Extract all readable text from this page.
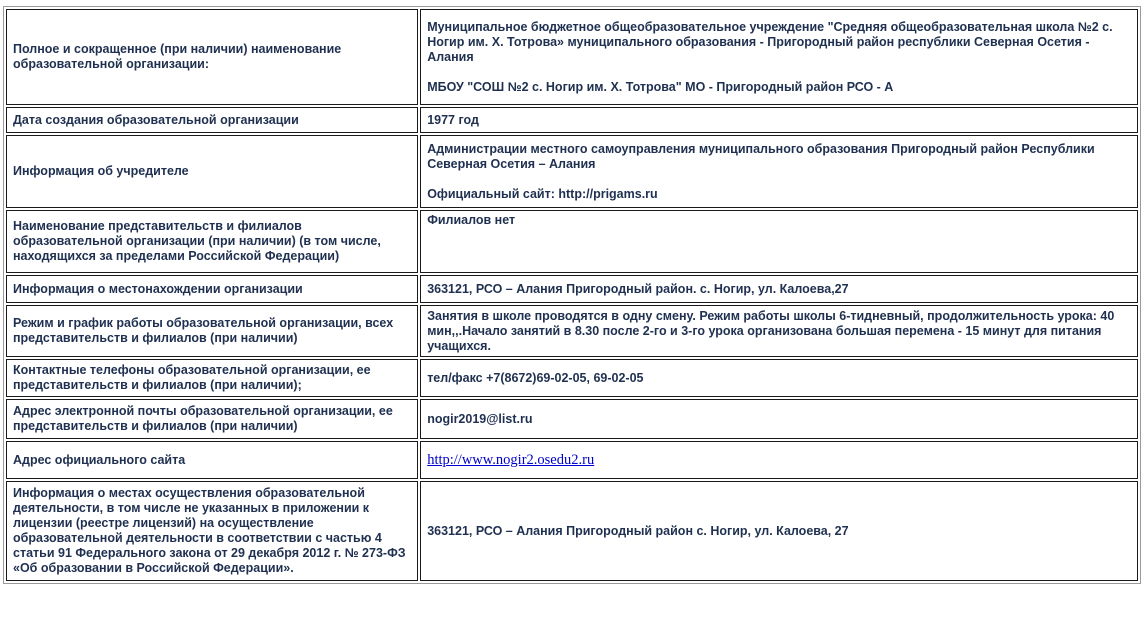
Полное и сокращенное (при наличии) наименование образовательной организации:	Муниципальное бюджетное общеобразовательное учреждение "Средняя общеобразовательная школа №2 с. Ногир им. Х. Тотрова» муниципального образования - Пригородный район республики Северная Осетия - Алания
МБОУ "СОШ №2 с. Ногир им. Х. Тотрова" МО - Пригородный район РСО - А

Дата создания образовательной организации	1977 год
Информация об учредителе	Администрации местного самоуправления муниципального образования Пригородный район Республики Северная Осетия – Алания
Официальный сайт: http://prigams.ru

Наименование представительств и филиалов образовательной организации (при наличии) (в том числе, находящихся за пределами Российской Федерации)	Филиалов нет
Информация о местонахождении организации	363121, РСО – Алания Пригородный район. с. Ногир, ул. Калоева,27
Режим и график работы образовательной организации, всех представительств и филиалов (при наличии)	Занятия в школе проводятся в одну смену. Режим работы школы 6-тидневный, продолжительность урока: 40 мин,,.Начало занятий в 8.30 после 2-го и 3-го урока организована большая перемена - 15 минут для питания учащихся.
Контактные телефоны образовательной организации, ее представительств и филиалов (при наличии);	тел/факс +7(8672)69-02-05, 69-02-05
Адрес электронной почты образовательной организации, ее представительств и филиалов (при наличии)	nogir2019@list.ru
Адрес официального сайта	http://www.nogir2.osedu2.ru
Информация о местах осуществления образовательной деятельности, в том числе не указанных в приложении к лицензии (реестре лицензий) на осуществление образовательной деятельности в соответствии с частью 4 статьи 91 Федерального закона от 29 декабря 2012 г. № 273-ФЗ «Об образовании в Российской Федерации».	363121, РСО – Алания Пригородный район с. Ногир, ул. Калоева, 27
